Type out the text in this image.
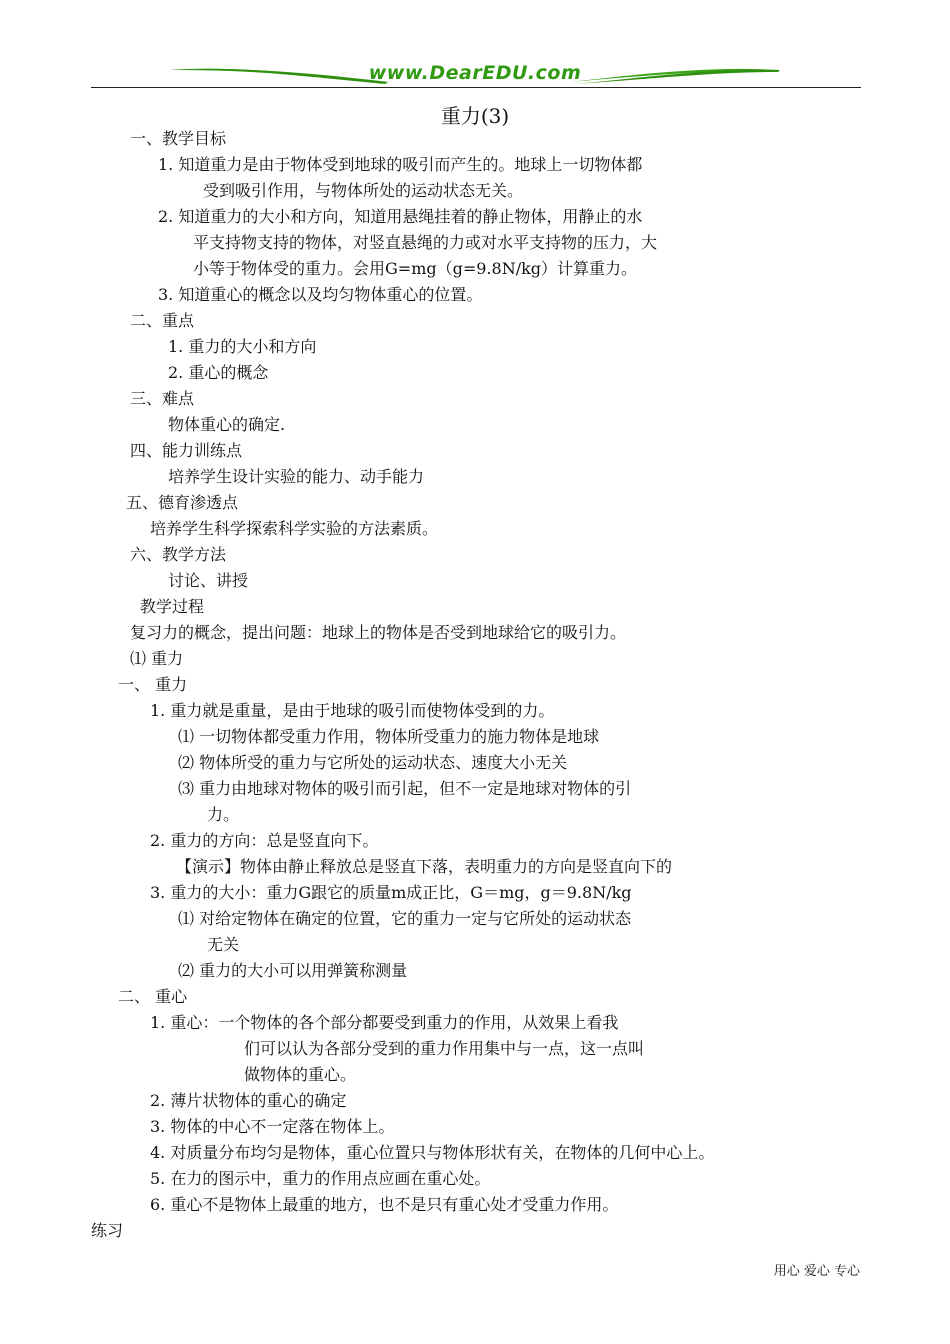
www.DearEDU.com
重力(3)
一、教学目标
1. 知道重力是由于物体受到地球的吸引而产生的。地球上一切物体都
受到吸引作用，与物体所处的运动状态无关。
2. 知道重力的大小和方向，知道用悬绳挂着的静止物体，用静止的水
平支持物支持的物体，对竖直悬绳的力或对水平支持物的压力，大
小等于物体受的重力。会用G=mg（g=9.8N/kg）计算重力。
3. 知道重心的概念以及均匀物体重心的位置。
二、重点
1. 重力的大小和方向
2. 重心的概念
三、难点
物体重心的确定.
四、能力训练点
培养学生设计实验的能力、动手能力
五、德育渗透点
培养学生科学探索科学实验的方法素质。
六、教学方法
讨论、讲授
教学过程
复习力的概念，提出问题：地球上的物体是否受到地球给它的吸引力。
⑴ 重力
一、 重力
1. 重力就是重量，是由于地球的吸引而使物体受到的力。
⑴ 一切物体都受重力作用，物体所受重力的施力物体是地球
⑵ 物体所受的重力与它所处的运动状态、速度大小无关
⑶ 重力由地球对物体的吸引而引起，但不一定是地球对物体的引
力。
2. 重力的方向：总是竖直向下。
【演示】物体由静止释放总是竖直下落，表明重力的方向是竖直向下的
3. 重力的大小：重力G跟它的质量m成正比，G＝mg，g＝9.8N/kg
⑴ 对给定物体在确定的位置，它的重力一定与它所处的运动状态
无关
⑵ 重力的大小可以用弹簧称测量
二、 重心
1. 重心：一个物体的各个部分都要受到重力的作用，从效果上看我
们可以认为各部分受到的重力作用集中与一点，这一点叫
做物体的重心。
2. 薄片状物体的重心的确定
3. 物体的中心不一定落在物体上。
4. 对质量分布均匀是物体，重心位置只与物体形状有关，在物体的几何中心上。
5. 在力的图示中，重力的作用点应画在重心处。
6. 重心不是物体上最重的地方，也不是只有重心处才受重力作用。
练习
用心 爱心 专心
